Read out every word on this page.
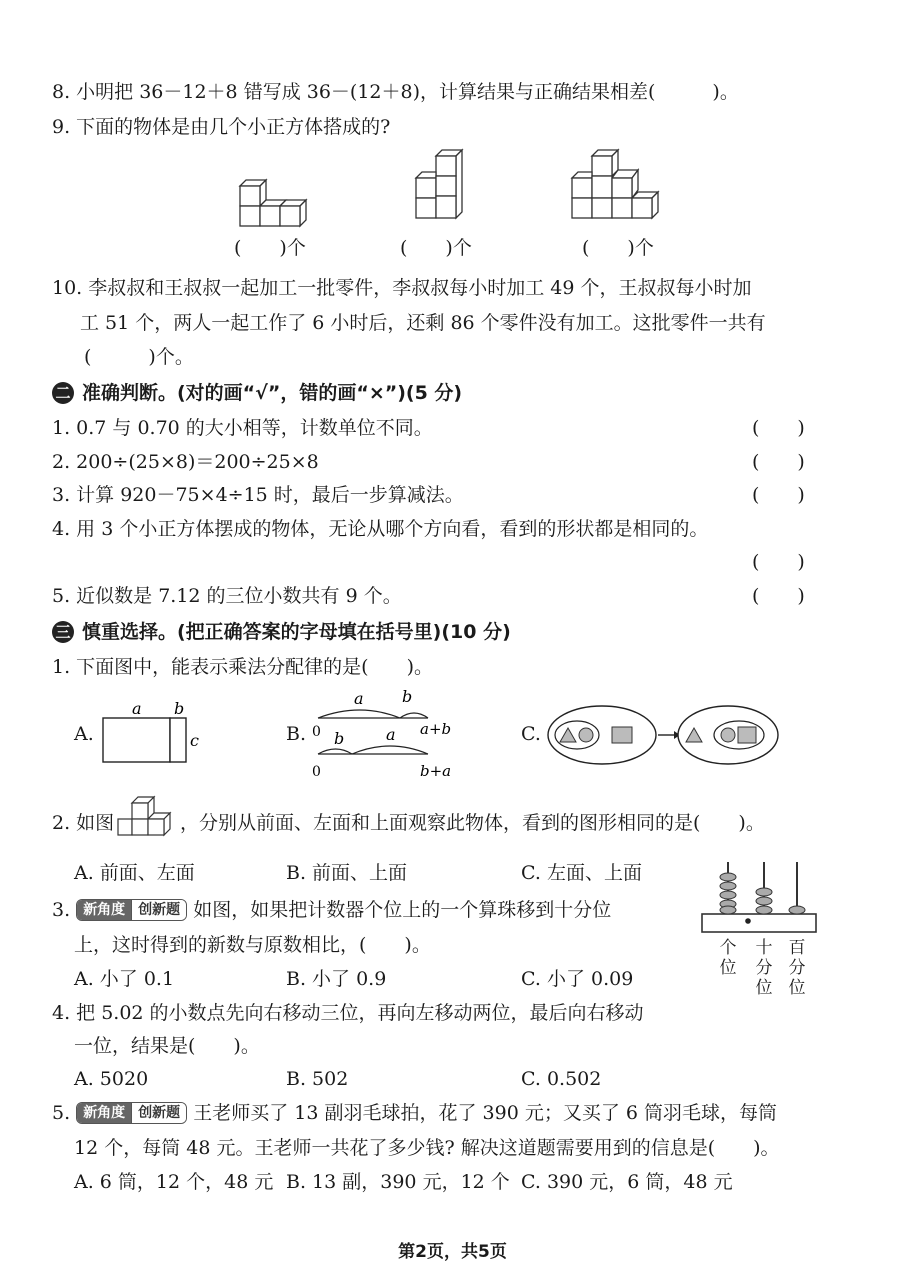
8. 小明把 36－12＋8 错写成 36－(12＋8)，计算结果与正确结果相差(　　　)。
9. 下面的物体是由几个小正方体搭成的?
(　　)个	(　　)个	(　　)个
10. 李叔叔和王叔叔一起加工一批零件，李叔叔每小时加工 49 个，王叔叔每小时加
工 51 个，两人一起工作了 6 小时后，还剩 86 个零件没有加工。这批零件一共有
(　　　)个。
二 准确判断。(对的画“√”，错的画“×”)(5 分)
1. 0.7 与 0.70 的大小相等，计数单位不同。	(　　)
2. 200÷(25×8)＝200÷25×8	(　　)
3. 计算 920－75×4÷15 时，最后一步算减法。	(　　)
4. 用 3 个小正方体摆成的物体，无论从哪个方向看，看到的形状都是相同的。
(　　)
5. 近似数是 7.12 的三位小数共有 9 个。	(　　)
三 慎重选择。(把正确答案的字母填在括号里)(10 分)
1. 下面图中，能表示乘法分配律的是(　　)。
A.
a b
c	B.
a b
0	a+b
b	a
0	b+a
C.
2. 如图	，分别从前面、左面和上面观察此物体，看到的图形相同的是(　　)。
A. 前面、左面	B. 前面、上面	C. 左面、上面
3. 新角度 创新题 如图，如果把计数器个位上的一个算珠移到十分位
上，这时得到的新数与原数相比，(　　)。
A. 小了 0.1	B. 小了 0.9	C. 小了 0.09
个位
十分位
百分位
4. 把 5.02 的小数点先向右移动三位，再向左移动两位，最后向右移动
一位，结果是(　　)。
A. 5020	B. 502	C. 0.502
5. 新角度 创新题 王老师买了 13 副羽毛球拍，花了 390 元；又买了 6 筒羽毛球，每筒
12 个，每筒 48 元。王老师一共花了多少钱? 解决这道题需要用到的信息是(　　)。
A. 6 筒，12 个，48 元 B. 13 副，390 元，12 个 C. 390 元，6 筒，48 元
第2页，共5页
